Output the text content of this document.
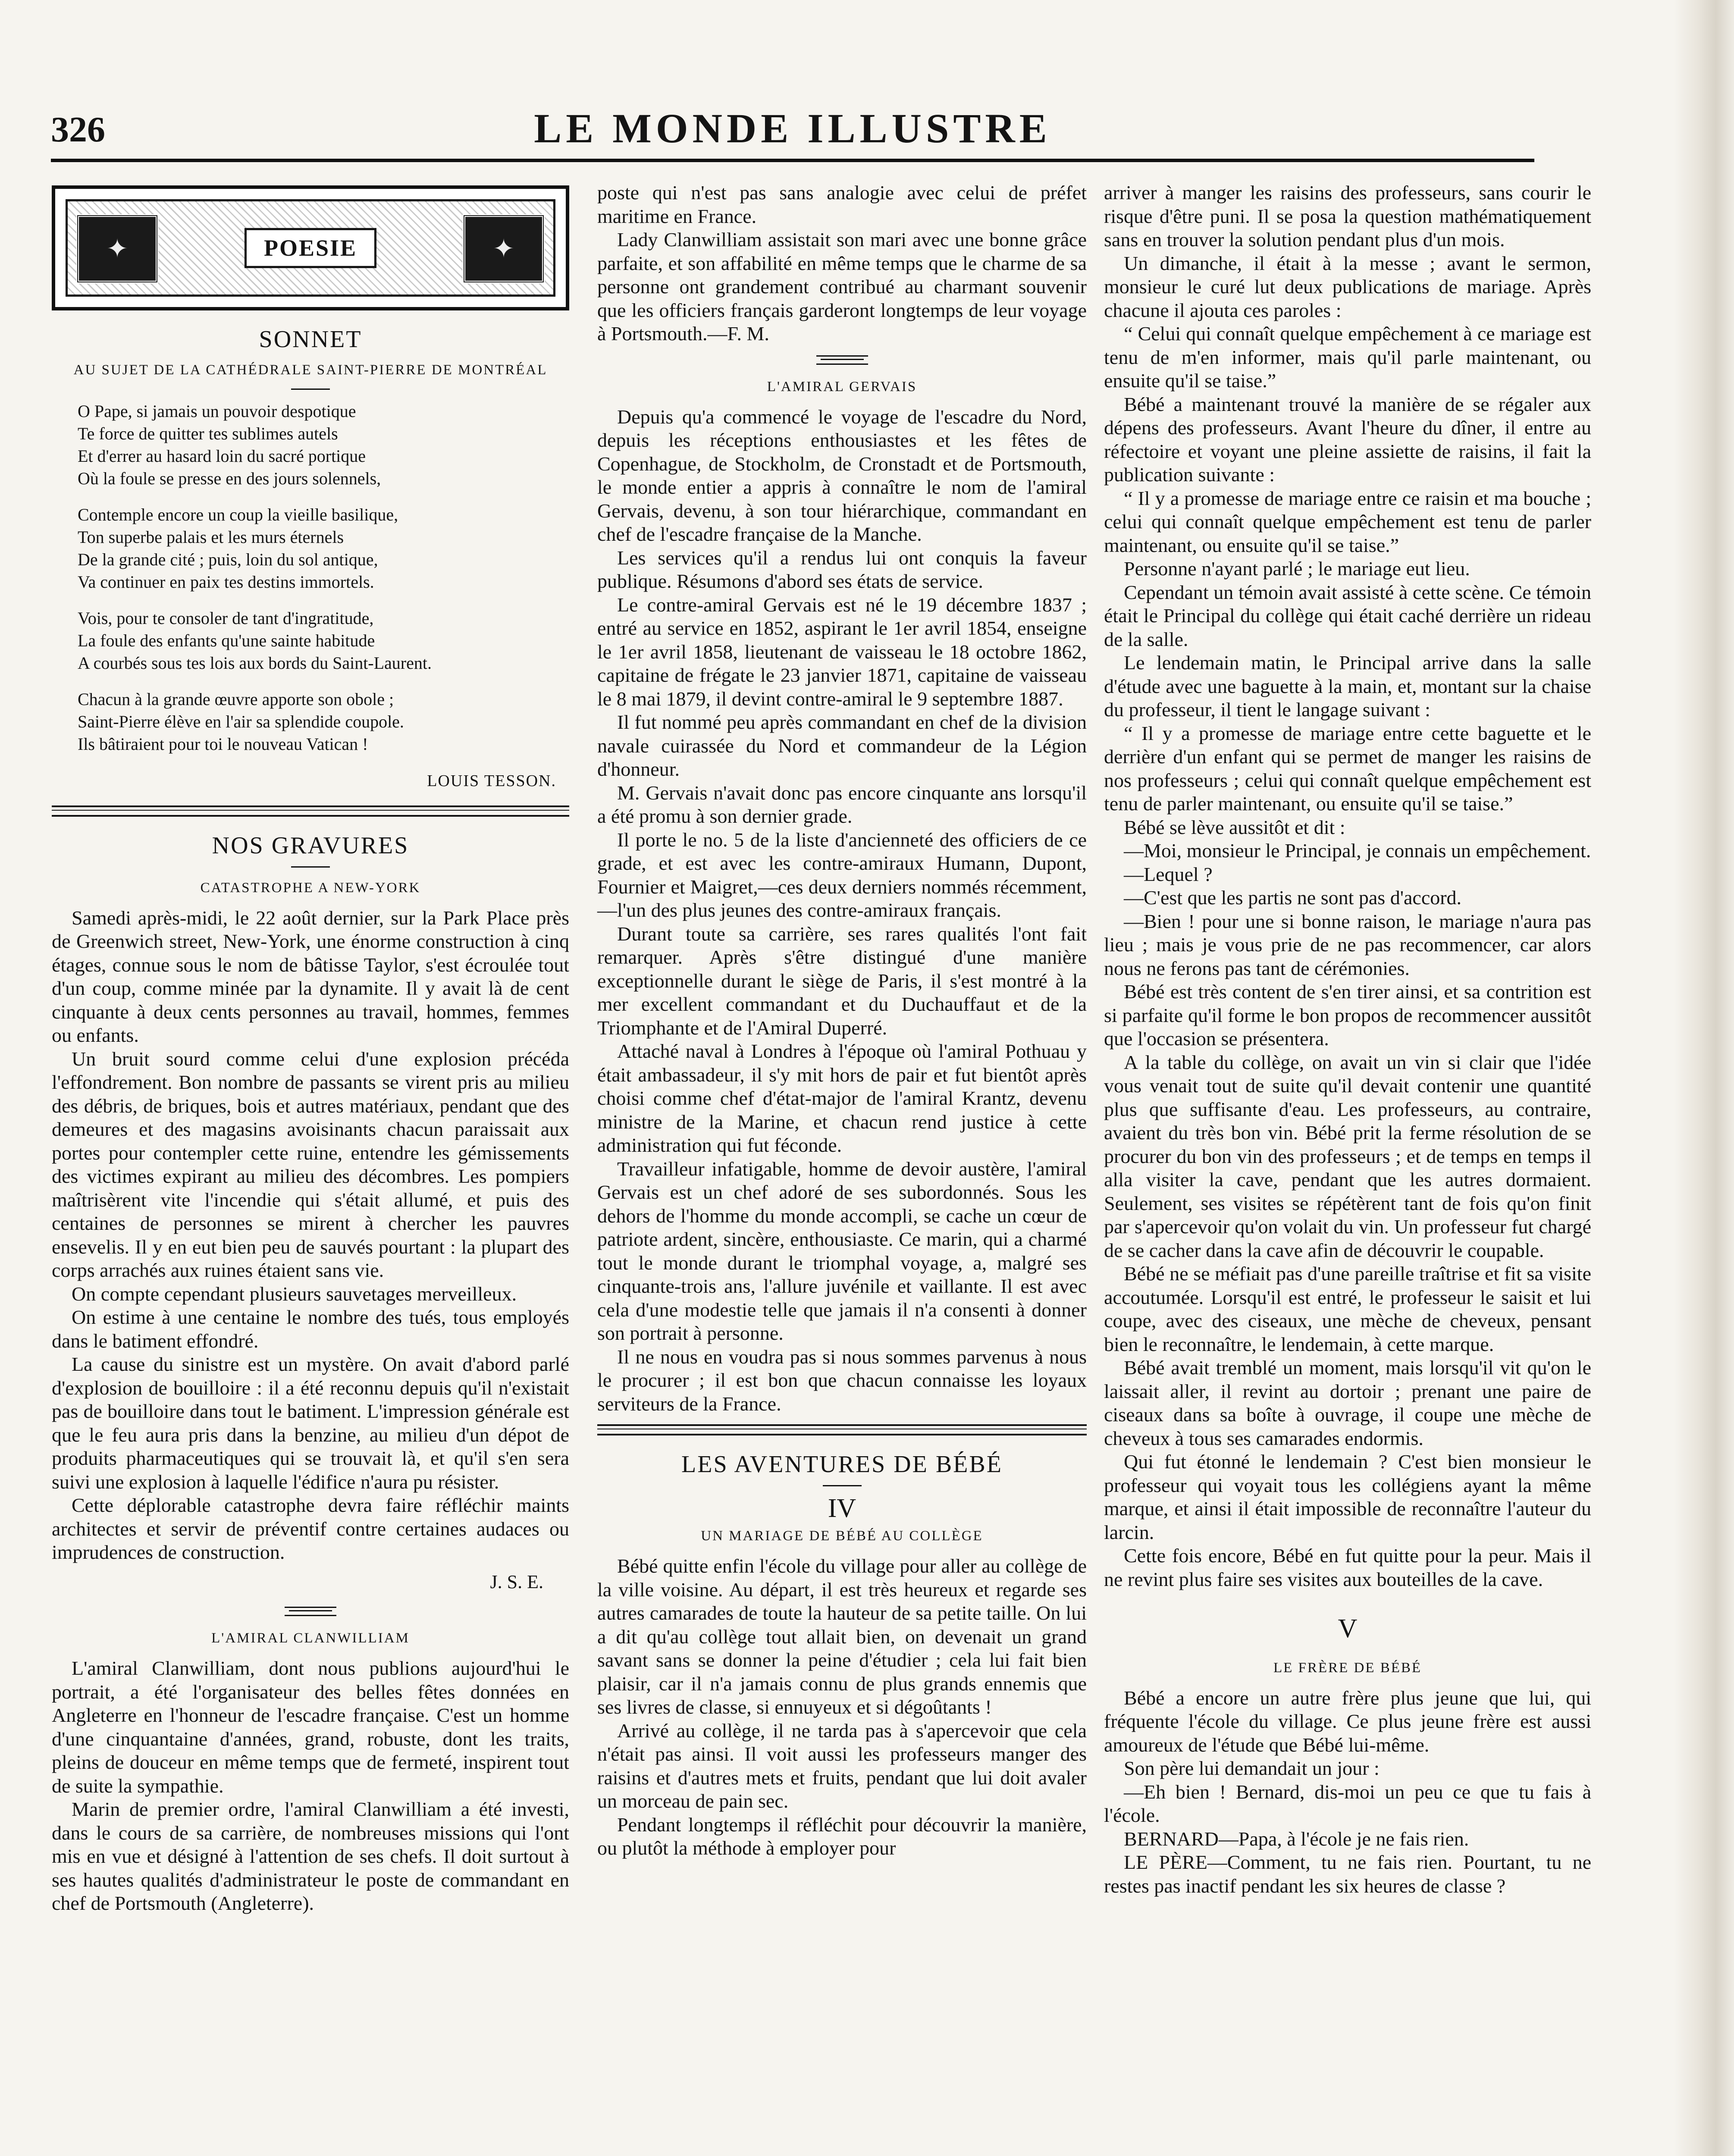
326	LE MONDE ILLUSTRE
✦	✦
POESIE
SONNET
AU SUJET DE LA CATHÉDRALE SAINT-PIERRE DE MONTRÉAL
O Pape, si jamais un pouvoir despotique
Te force de quitter tes sublimes autels
Et d'errer au hasard loin du sacré portique
Où la foule se presse en des jours solennels,
Contemple encore un coup la vieille basilique,
Ton superbe palais et les murs éternels
De la grande cité ; puis, loin du sol antique,
Va continuer en paix tes destins immortels.
Vois, pour te consoler de tant d'ingratitude,
La foule des enfants qu'une sainte habitude
A courbés sous tes lois aux bords du Saint-Laurent.
Chacun à la grande œuvre apporte son obole ;
Saint-Pierre élève en l'air sa splendide coupole.
Ils bâtiraient pour toi le nouveau Vatican !
LOUIS TESSON.
NOS GRAVURES
CATASTROPHE A NEW-YORK

Samedi après-midi, le 22 août dernier, sur la Park Place près de Greenwich street, New-York, une énorme construction à cinq étages, connue sous le nom de bâtisse Taylor, s'est écroulée tout d'un coup, comme minée par la dynamite. Il y avait là de cent cinquante à deux cents personnes au travail, hommes, femmes ou enfants.

Un bruit sourd comme celui d'une explosion précéda l'effondrement. Bon nombre de passants se virent pris au milieu des débris, de briques, bois et autres matériaux, pendant que des demeures et des magasins avoisinants chacun paraissait aux portes pour contempler cette ruine, entendre les gémissements des victimes expirant au milieu des décombres. Les pompiers maîtrisèrent vite l'incendie qui s'était allumé, et puis des centaines de personnes se mirent à chercher les pauvres ensevelis. Il y en eut bien peu de sauvés pourtant : la plupart des corps arrachés aux ruines étaient sans vie.

On compte cependant plusieurs sauvetages merveilleux.

On estime à une centaine le nombre des tués, tous employés dans le batiment effondré.

La cause du sinistre est un mystère. On avait d'abord parlé d'explosion de bouilloire : il a été reconnu depuis qu'il n'existait pas de bouilloire dans tout le batiment. L'impression générale est que le feu aura pris dans la benzine, au milieu d'un dépot de produits pharmaceutiques qui se trouvait là, et qu'il s'en sera suivi une explosion à laquelle l'édifice n'aura pu résister.

Cette déplorable catastrophe devra faire réfléchir maints architectes et servir de préventif contre certaines audaces ou imprudences de construction.

J. S. E.
L'AMIRAL CLANWILLIAM

L'amiral Clanwilliam, dont nous publions aujourd'hui le portrait, a été l'organisateur des belles fêtes données en Angleterre en l'honneur de l'escadre française. C'est un homme d'une cinquantaine d'années, grand, robuste, dont les traits, pleins de douceur en même temps que de fermeté, inspirent tout de suite la sympathie.

Marin de premier ordre, l'amiral Clanwilliam a été investi, dans le cours de sa carrière, de nombreuses missions qui l'ont mis en vue et désigné à l'attention de ses chefs. Il doit surtout à ses hautes qualités d'administrateur le poste de commandant en chef de Portsmouth (Angleterre).

poste qui n'est pas sans analogie avec celui de préfet maritime en France.

Lady Clanwilliam assistait son mari avec une bonne grâce parfaite, et son affabilité en même temps que le charme de sa personne ont grandement contribué au charmant souvenir que les officiers français garderont longtemps de leur voyage à Portsmouth.—F. M.

L'AMIRAL GERVAIS

Depuis qu'a commencé le voyage de l'escadre du Nord, depuis les réceptions enthousiastes et les fêtes de Copenhague, de Stockholm, de Cronstadt et de Portsmouth, le monde entier a appris à connaître le nom de l'amiral Gervais, devenu, à son tour hiérarchique, commandant en chef de l'escadre française de la Manche.

Les services qu'il a rendus lui ont conquis la faveur publique. Résumons d'abord ses états de service.

Le contre-amiral Gervais est né le 19 décembre 1837 ; entré au service en 1852, aspirant le 1er avril 1854, enseigne le 1er avril 1858, lieutenant de vaisseau le 18 octobre 1862, capitaine de frégate le 23 janvier 1871, capitaine de vaisseau le 8 mai 1879, il devint contre-amiral le 9 septembre 1887.

Il fut nommé peu après commandant en chef de la division navale cuirassée du Nord et commandeur de la Légion d'honneur.

M. Gervais n'avait donc pas encore cinquante ans lorsqu'il a été promu à son dernier grade.

Il porte le no. 5 de la liste d'ancienneté des officiers de ce grade, et est avec les contre-amiraux Humann, Dupont, Fournier et Maigret,—ces deux derniers nommés récemment,—l'un des plus jeunes des contre-amiraux français.

Durant toute sa carrière, ses rares qualités l'ont fait remarquer. Après s'être distingué d'une manière exceptionnelle durant le siège de Paris, il s'est montré à la mer excellent commandant et du Duchauffaut et de la Triomphante et de l'Amiral Duperré.

Attaché naval à Londres à l'époque où l'amiral Pothuau y était ambassadeur, il s'y mit hors de pair et fut bientôt après choisi comme chef d'état-major de l'amiral Krantz, devenu ministre de la Marine, et chacun rend justice à cette administration qui fut féconde.

Travailleur infatigable, homme de devoir austère, l'amiral Gervais est un chef adoré de ses subordonnés. Sous les dehors de l'homme du monde accompli, se cache un cœur de patriote ardent, sincère, enthousiaste. Ce marin, qui a charmé tout le monde durant le triomphal voyage, a, malgré ses cinquante-trois ans, l'allure juvénile et vaillante. Il est avec cela d'une modestie telle que jamais il n'a consenti à donner son portrait à personne.

Il ne nous en voudra pas si nous sommes parvenus à nous le procurer ; il est bon que chacun connaisse les loyaux serviteurs de la France.

LES AVENTURES DE BÉBÉ
IV
UN MARIAGE DE BÉBÉ AU COLLÈGE

Bébé quitte enfin l'école du village pour aller au collège de la ville voisine. Au départ, il est très heureux et regarde ses autres camarades de toute la hauteur de sa petite taille. On lui a dit qu'au collège tout allait bien, on devenait un grand savant sans se donner la peine d'étudier ; cela lui fait bien plaisir, car il n'a jamais connu de plus grands ennemis que ses livres de classe, si ennuyeux et si dégoûtants !

Arrivé au collège, il ne tarda pas à s'apercevoir que cela n'était pas ainsi. Il voit aussi les professeurs manger des raisins et d'autres mets et fruits, pendant que lui doit avaler un morceau de pain sec.

Pendant longtemps il réfléchit pour découvrir la manière, ou plutôt la méthode à employer pour

arriver à manger les raisins des professeurs, sans courir le risque d'être puni. Il se posa la question mathématiquement sans en trouver la solution pendant plus d'un mois.

Un dimanche, il était à la messe ; avant le sermon, monsieur le curé lut deux publications de mariage. Après chacune il ajouta ces paroles :

“ Celui qui connaît quelque empêchement à ce mariage est tenu de m'en informer, mais qu'il parle maintenant, ou ensuite qu'il se taise.”

Bébé a maintenant trouvé la manière de se régaler aux dépens des professeurs. Avant l'heure du dîner, il entre au réfectoire et voyant une pleine assiette de raisins, il fait la publication suivante :

“ Il y a promesse de mariage entre ce raisin et ma bouche ; celui qui connaît quelque empêchement est tenu de parler maintenant, ou ensuite qu'il se taise.”

Personne n'ayant parlé ; le mariage eut lieu.

Cependant un témoin avait assisté à cette scène. Ce témoin était le Principal du collège qui était caché derrière un rideau de la salle.

Le lendemain matin, le Principal arrive dans la salle d'étude avec une baguette à la main, et, montant sur la chaise du professeur, il tient le langage suivant :

“ Il y a promesse de mariage entre cette baguette et le derrière d'un enfant qui se permet de manger les raisins de nos professeurs ; celui qui connaît quelque empêchement est tenu de parler maintenant, ou ensuite qu'il se taise.”

Bébé se lève aussitôt et dit :

—Moi, monsieur le Principal, je connais un empêchement.

—Lequel ?

—C'est que les partis ne sont pas d'accord.

—Bien ! pour une si bonne raison, le mariage n'aura pas lieu ; mais je vous prie de ne pas recommencer, car alors nous ne ferons pas tant de cérémonies.

Bébé est très content de s'en tirer ainsi, et sa contrition est si parfaite qu'il forme le bon propos de recommencer aussitôt que l'occasion se présentera.

A la table du collège, on avait un vin si clair que l'idée vous venait tout de suite qu'il devait contenir une quantité plus que suffisante d'eau. Les professeurs, au contraire, avaient du très bon vin. Bébé prit la ferme résolution de se procurer du bon vin des professeurs ; et de temps en temps il alla visiter la cave, pendant que les autres dormaient. Seulement, ses visites se répétèrent tant de fois qu'on finit par s'apercevoir qu'on volait du vin. Un professeur fut chargé de se cacher dans la cave afin de découvrir le coupable.

Bébé ne se méfiait pas d'une pareille traîtrise et fit sa visite accoutumée. Lorsqu'il est entré, le professeur le saisit et lui coupe, avec des ciseaux, une mèche de cheveux, pensant bien le reconnaître, le lendemain, à cette marque.

Bébé avait tremblé un moment, mais lorsqu'il vit qu'on le laissait aller, il revint au dortoir ; prenant une paire de ciseaux dans sa boîte à ouvrage, il coupe une mèche de cheveux à tous ses camarades endormis.

Qui fut étonné le lendemain ? C'est bien monsieur le professeur qui voyait tous les collégiens ayant la même marque, et ainsi il était impossible de reconnaître l'auteur du larcin.

Cette fois encore, Bébé en fut quitte pour la peur. Mais il ne revint plus faire ses visites aux bouteilles de la cave.

V
LE FRÈRE DE BÉBÉ

Bébé a encore un autre frère plus jeune que lui, qui fréquente l'école du village. Ce plus jeune frère est aussi amoureux de l'étude que Bébé lui-même.

Son père lui demandait un jour :

—Eh bien ! Bernard, dis-moi un peu ce que tu fais à l'école.

BERNARD—Papa, à l'école je ne fais rien.

LE PÈRE—Comment, tu ne fais rien. Pourtant, tu ne restes pas inactif pendant les six heures de classe ?
